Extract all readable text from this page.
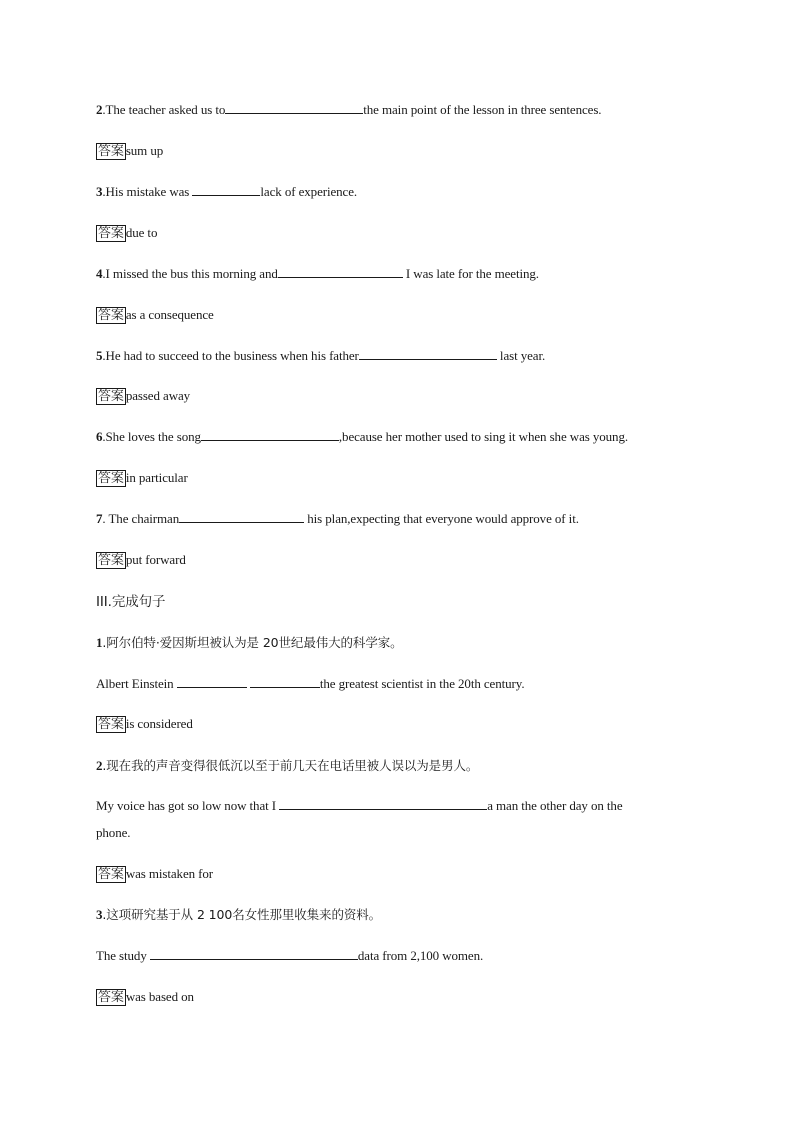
2.The teacher asked us to	the main point of the lesson in three sentences.
答案 sum up
3.His mistake was	lack of experience.
答案 due to
4.I missed the bus this morning and	I was late for the meeting.
答案 as a consequence
5.He had to succeed to the business when his father	last year.
答案 passed away
6.She loves the song	,because her mother used to sing it when she was young.
答案 in particular
7. The chairman	his plan,expecting that everyone would approve of it.
答案 put forward
III.完成句子
1.阿尔伯特·爱因斯坦被认为是 20世纪最伟大的科学家。
Albert Einstein	the greatest scientist in the 20th century.
答案 is considered
2.现在我的声音变得很低沉以至于前几天在电话里被人误以为是男人。
My voice has got so low now that I	a man the other day on the
phone.
答案 was mistaken for
3.这项研究基于从 2 100名女性那里收集来的资料。
The study	data from 2,100 women.
答案 was based on
